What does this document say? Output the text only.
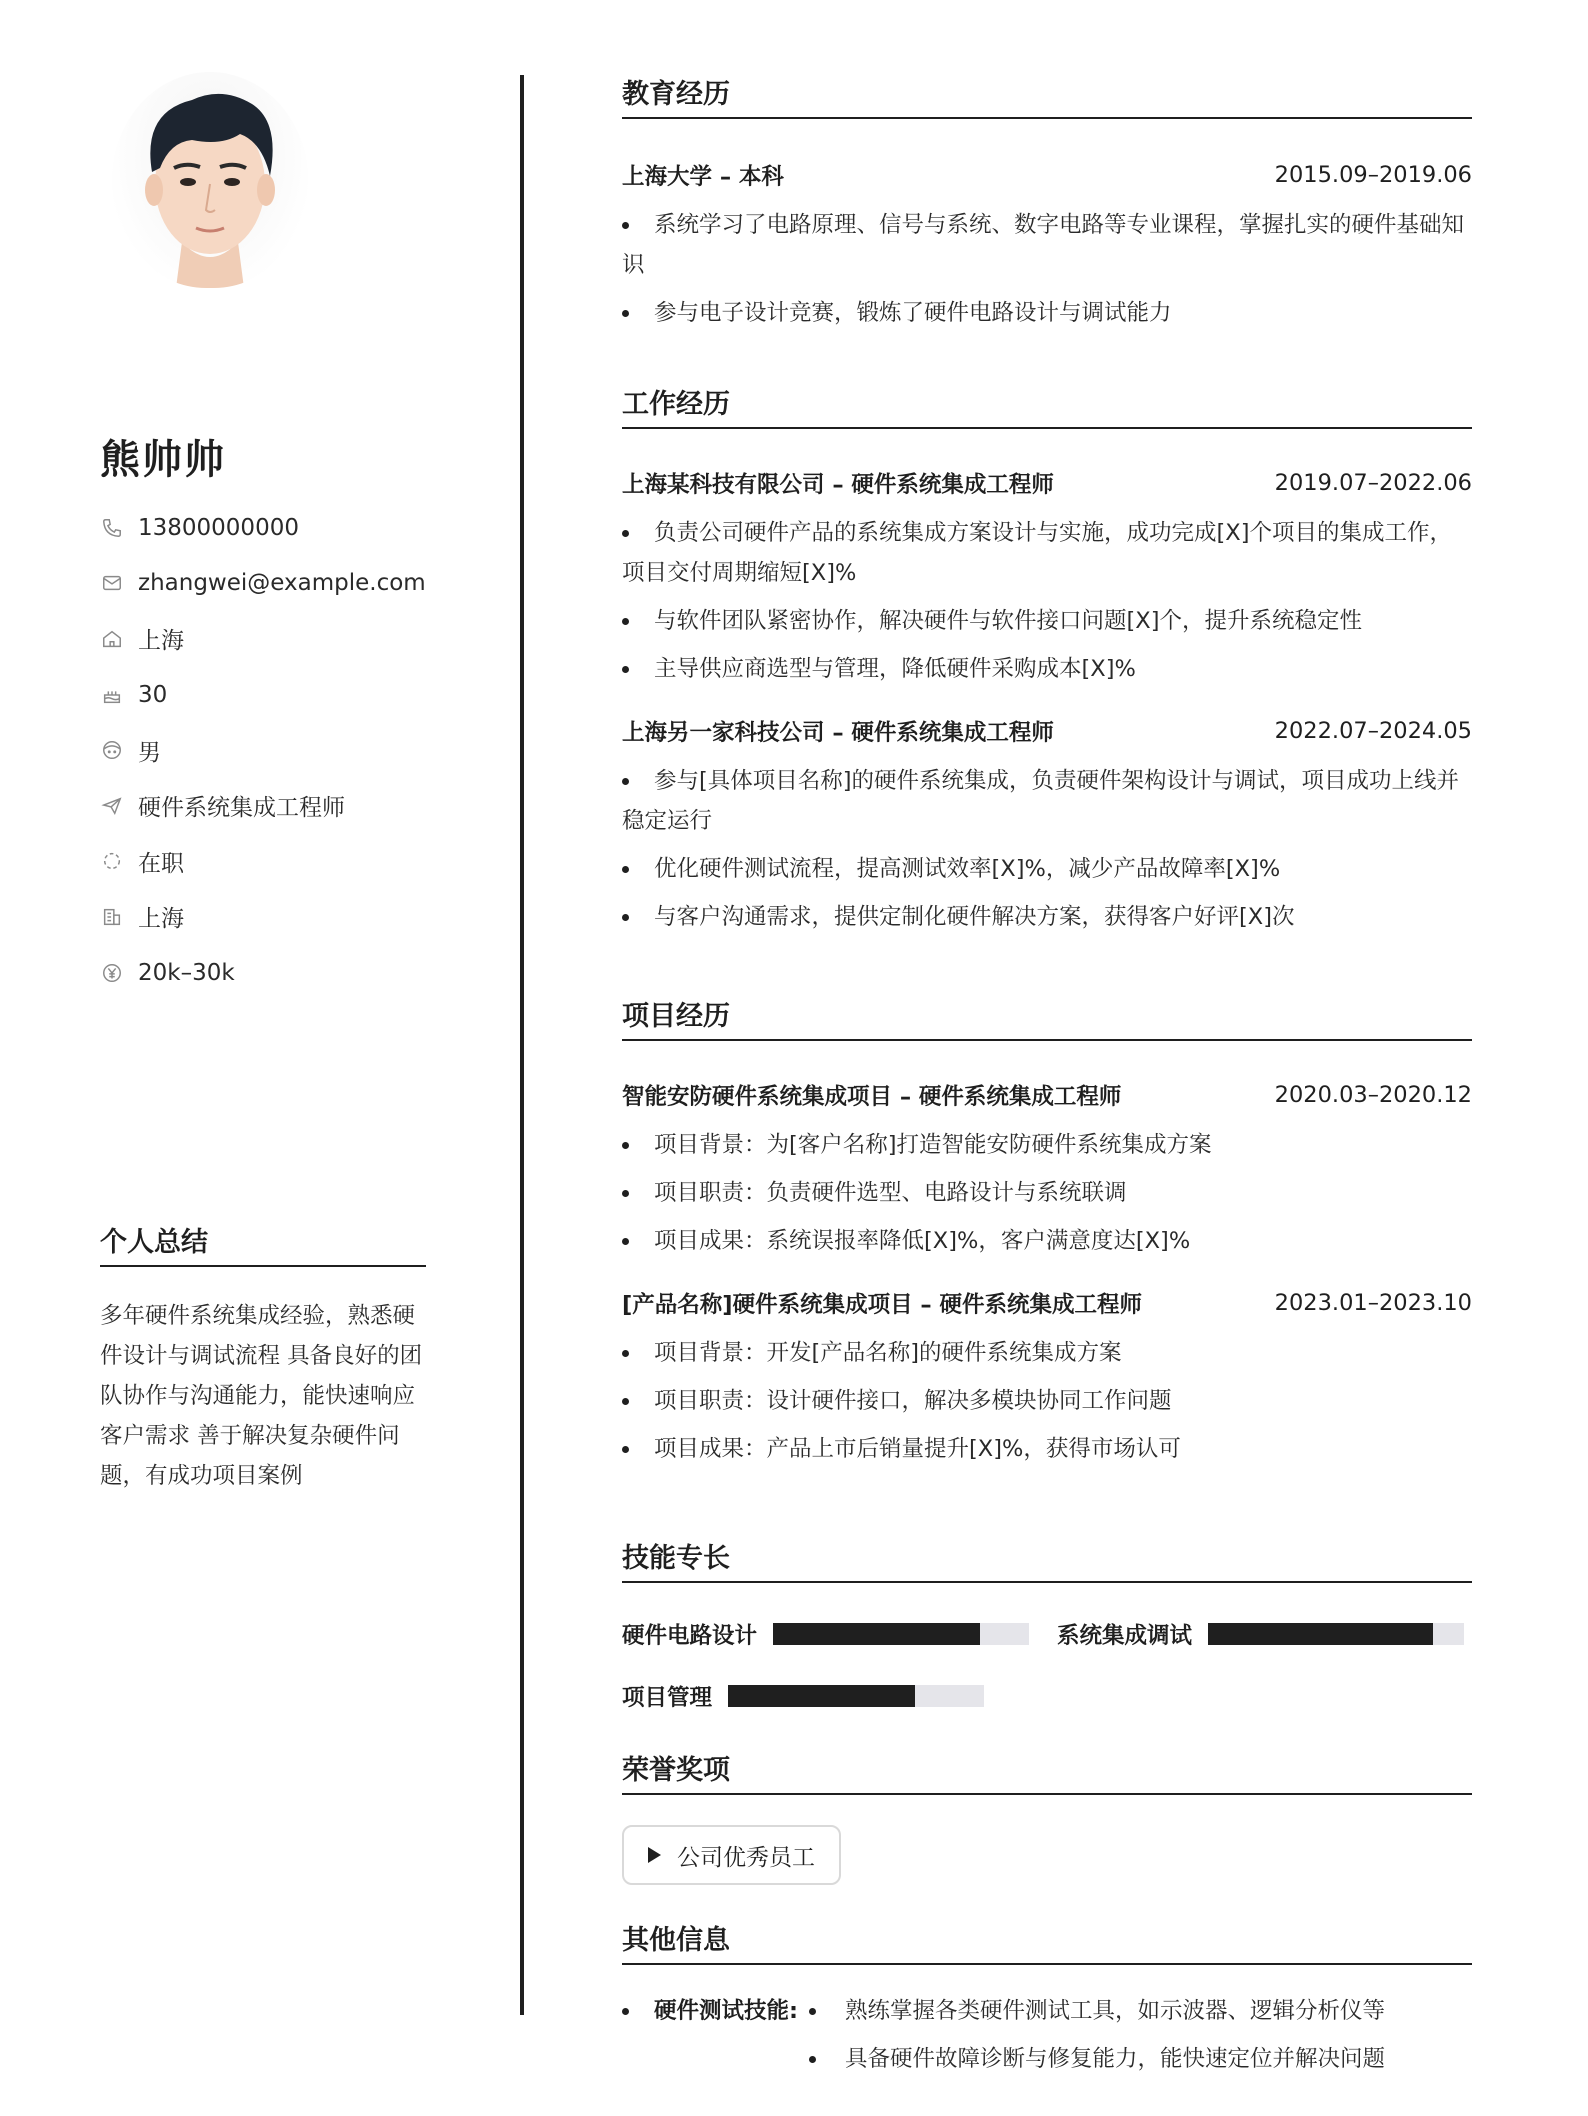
熊帅帅
13800000000
zhangwei@example.com
上海
30
男
硬件系统集成工程师
在职
上海
20k–30k
个人总结

多年硬件系统集成经验，熟悉硬件设计与调试流程 具备良好的团队协作与沟通能力，能快速响应客户需求 善于解决复杂硬件问题，有成功项目案例

教育经历
上海大学 – 本科	2015.09–2019.06
系统学习了电路原理、信号与系统、数字电路等专业课程，掌握扎实的硬件基础知识
参与电子设计竞赛，锻炼了硬件电路设计与调试能力
工作经历
上海某科技有限公司 – 硬件系统集成工程师	2019.07–2022.06
负责公司硬件产品的系统集成方案设计与实施，成功完成[X]个项目的集成工作，项目交付周期缩短[X]%
与软件团队紧密协作，解决硬件与软件接口问题[X]个，提升系统稳定性
主导供应商选型与管理，降低硬件采购成本[X]%
上海另一家科技公司 – 硬件系统集成工程师	2022.07–2024.05
参与[具体项目名称]的硬件系统集成，负责硬件架构设计与调试，项目成功上线并稳定运行
优化硬件测试流程，提高测试效率[X]%，减少产品故障率[X]%
与客户沟通需求，提供定制化硬件解决方案，获得客户好评[X]次
项目经历
智能安防硬件系统集成项目 – 硬件系统集成工程师	2020.03–2020.12
项目背景：为[客户名称]打造智能安防硬件系统集成方案
项目职责：负责硬件选型、电路设计与系统联调
项目成果：系统误报率降低[X]%，客户满意度达[X]%
[产品名称]硬件系统集成项目 – 硬件系统集成工程师	2023.01–2023.10
项目背景：开发[产品名称]的硬件系统集成方案
项目职责：设计硬件接口，解决多模块协同工作问题
项目成果：产品上市后销量提升[X]%，获得市场认可
技能专长
硬件电路设计	系统集成调试
项目管理
荣誉奖项
公司优秀员工
其他信息
硬件测试技能:	熟练掌握各类硬件测试工具，如示波器、逻辑分析仪等
具备硬件故障诊断与修复能力，能快速定位并解决问题
